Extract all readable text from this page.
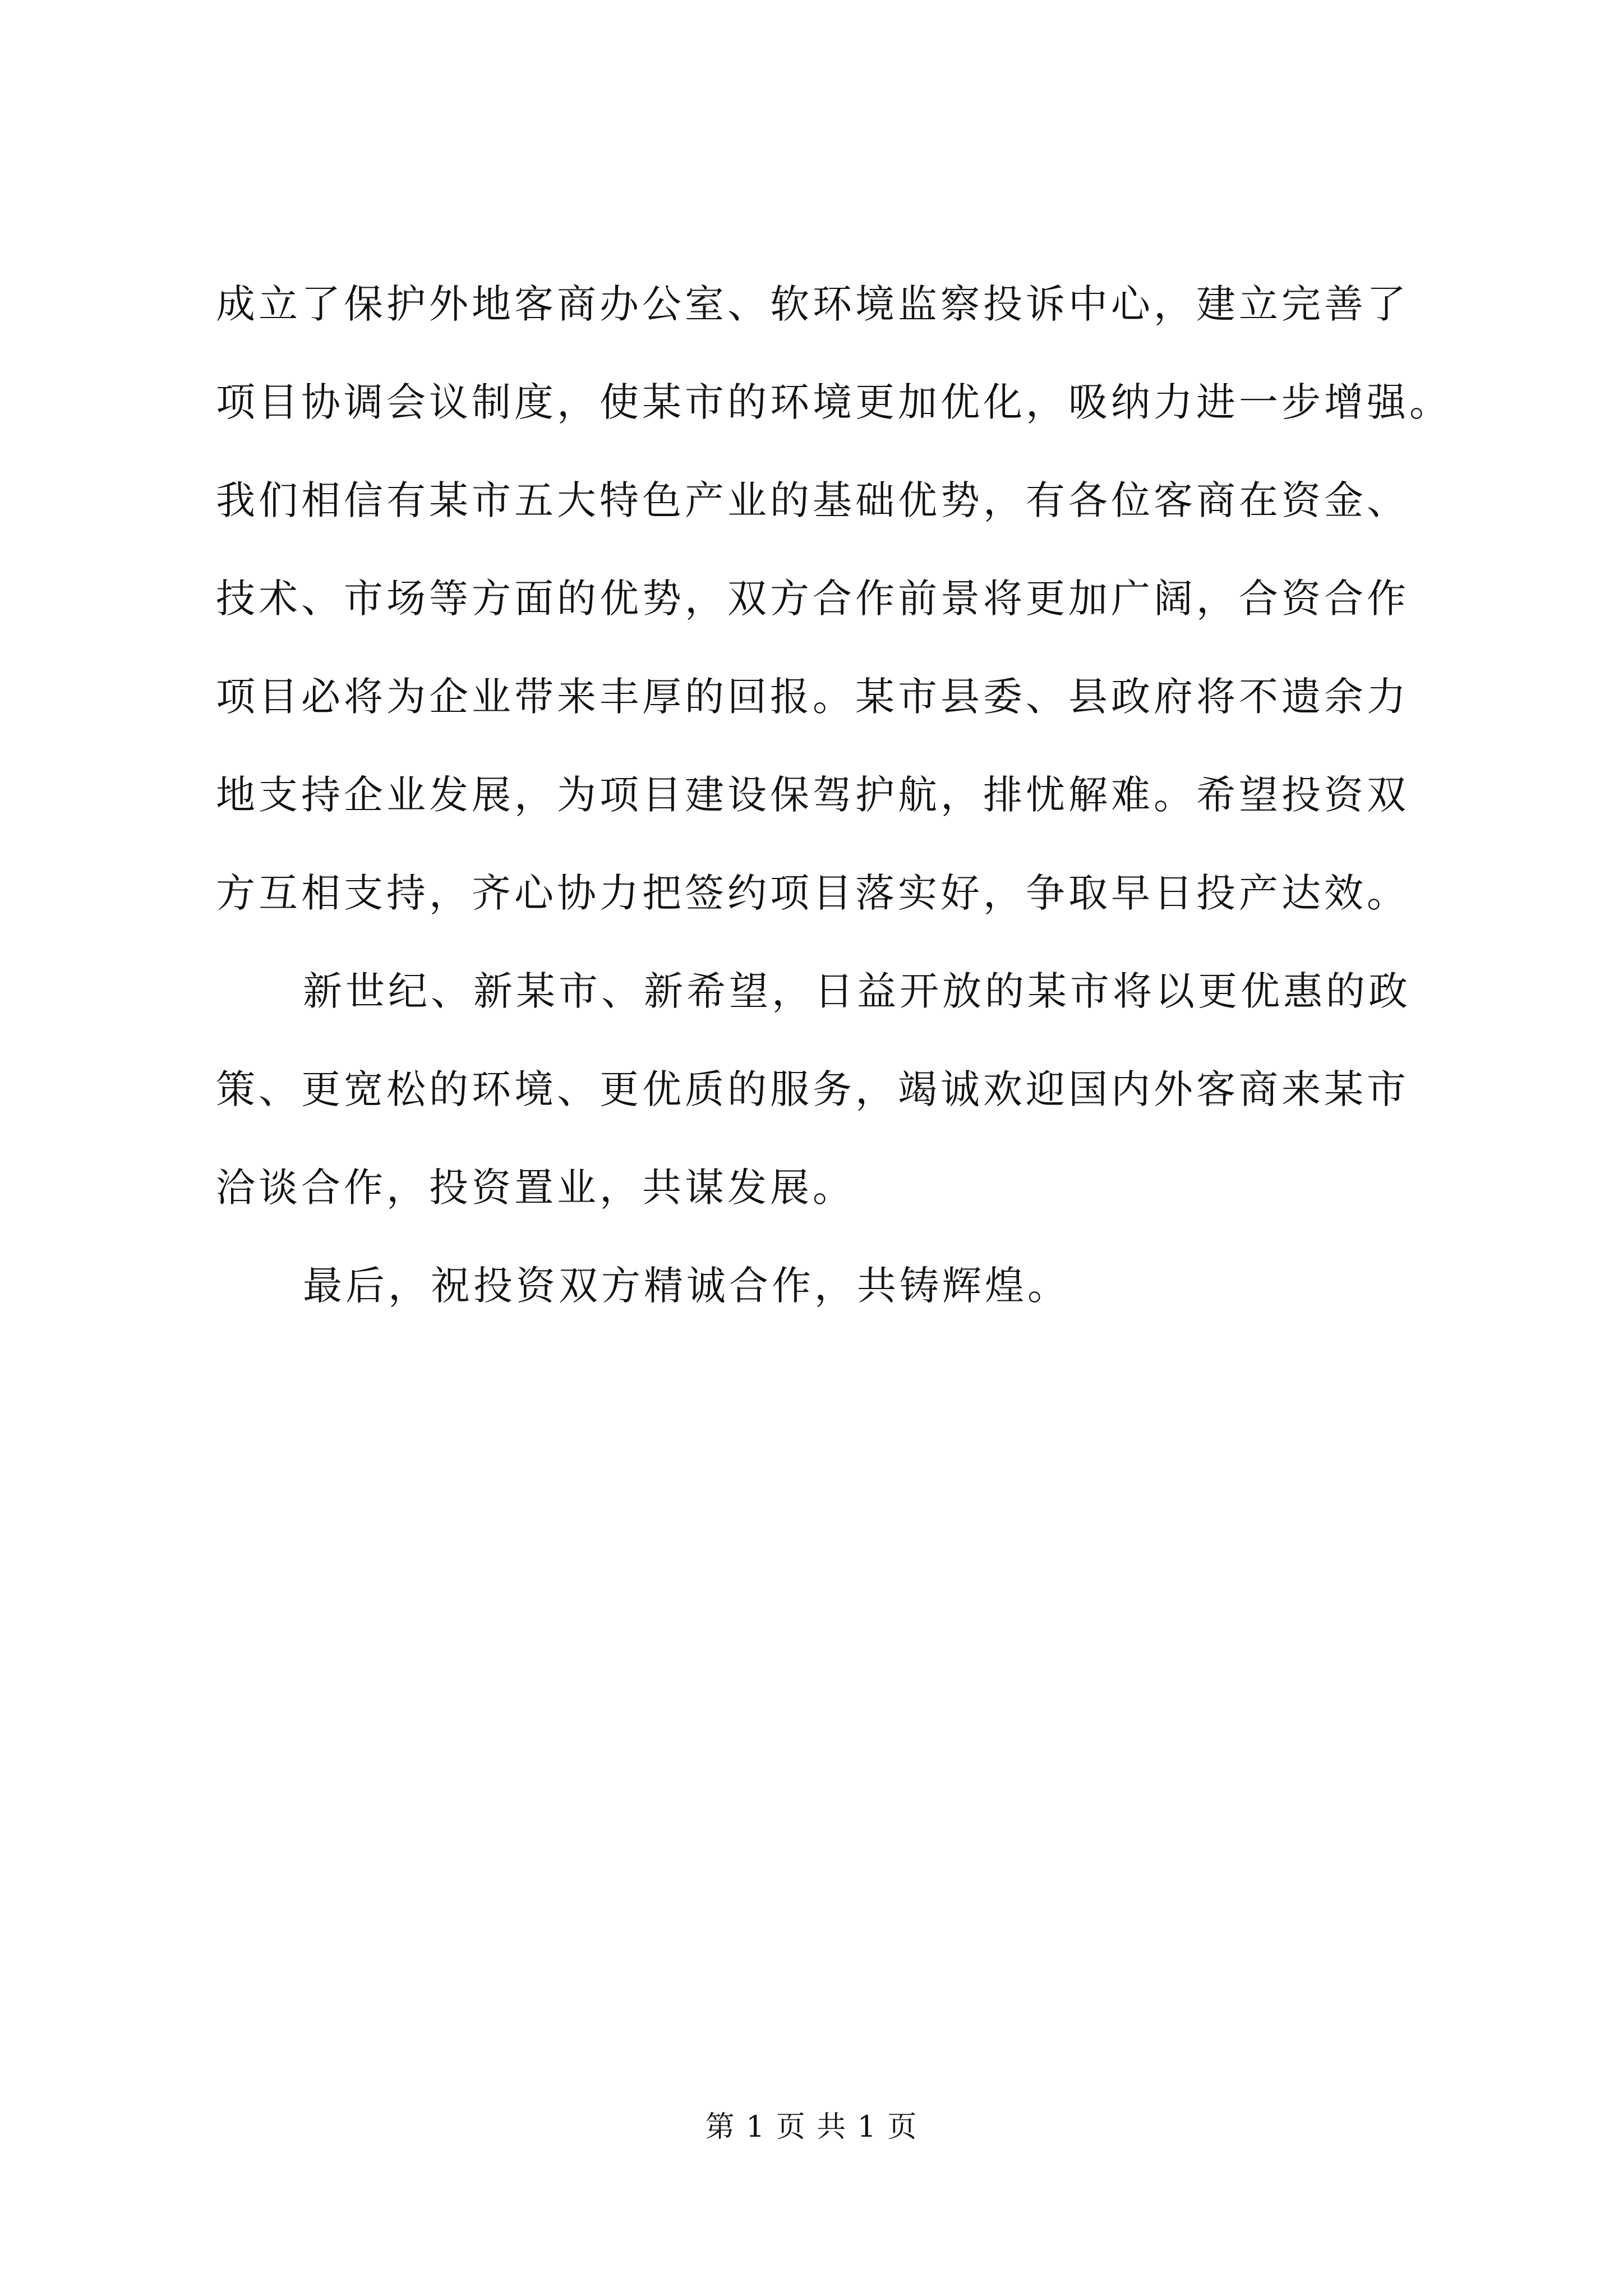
成立了保护外地客商办公室、软环境监察投诉中心，建立完善了
项目协调会议制度，使某市的环境更加优化，吸纳力进一步增强。
我们相信有某市五大特色产业的基础优势，有各位客商在资金、
技术、市场等方面的优势，双方合作前景将更加广阔，合资合作
项目必将为企业带来丰厚的回报。某市县委、县政府将不遗余力
地支持企业发展，为项目建设保驾护航，排忧解难。希望投资双
方互相支持，齐心协力把签约项目落实好，争取早日投产达效。
新世纪、新某市、新希望，日益开放的某市将以更优惠的政
策、更宽松的环境、更优质的服务，竭诚欢迎国内外客商来某市
洽谈合作，投资置业，共谋发展。
最后，祝投资双方精诚合作，共铸辉煌。
第 1 页 共 1 页
